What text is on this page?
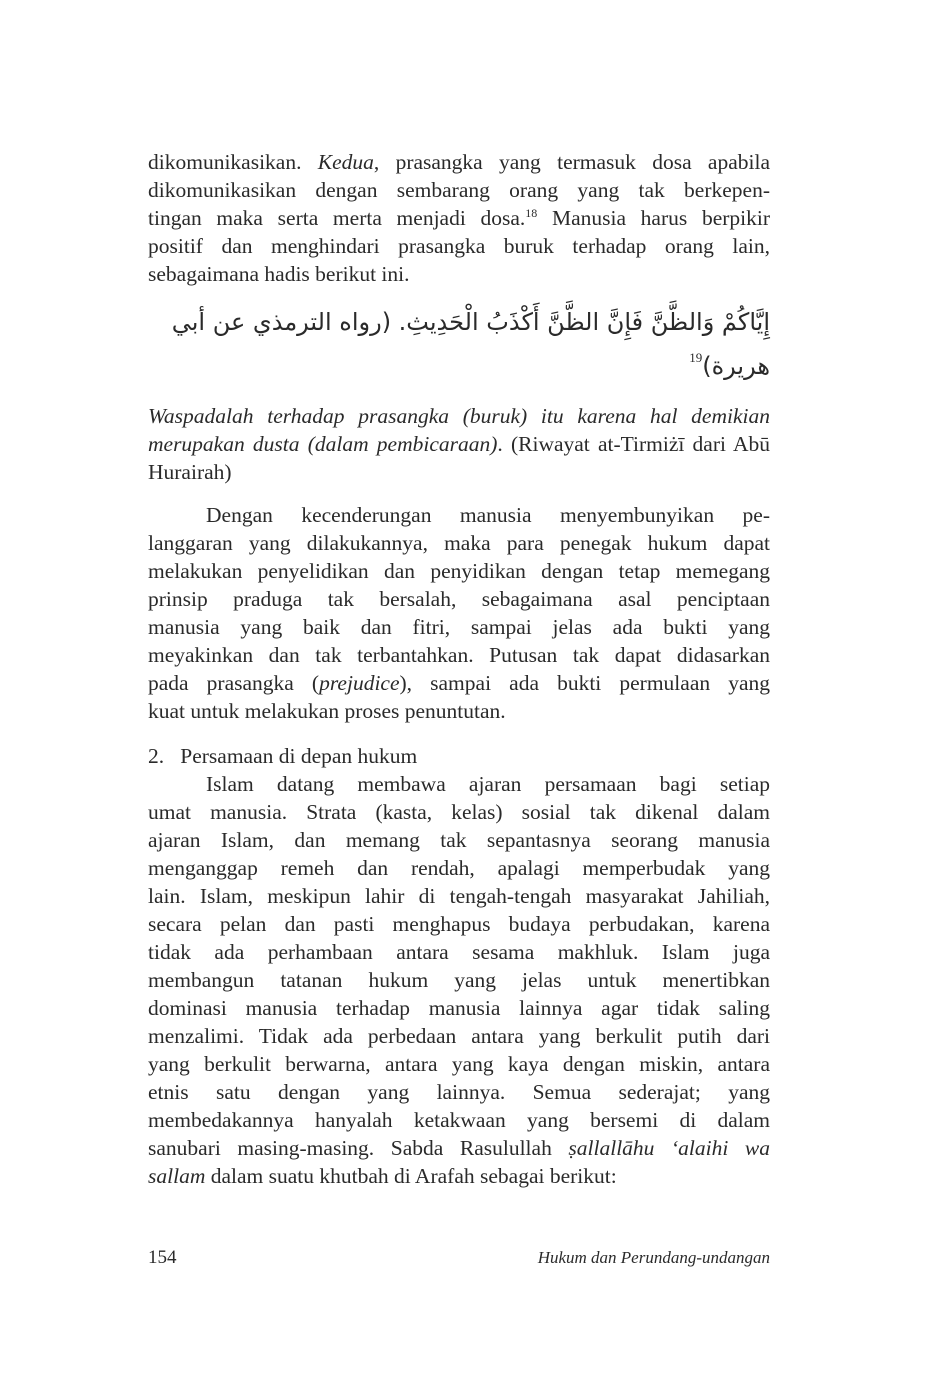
dikomunikasikan. Kedua, prasangka yang termasuk dosa apabila
dikomunikasikan dengan sembarang orang yang tak berkepen-
tingan maka serta merta menjadi dosa.$^{18}$ Manusia harus berpikir
positif dan menghindari prasangka buruk terhadap orang lain,
sebagaimana hadis berikut ini.
إِيَّاكُمْ وَالظَّنَّ فَإِنَّ الظَّنَّ أَكْذَبُ الْحَدِيثِ. (رواه الترمذي عن أبي هريرة)$^{19}$
Waspadalah terhadap prasangka (buruk) itu karena hal demikian
merupakan dusta (dalam pembicaraan). (Riwayat at-Tirmiżī dari Abū
Hurairah)
Dengan kecenderungan manusia menyembunyikan pe-
langgaran yang dilakukannya, maka para penegak hukum dapat
melakukan penyelidikan dan penyidikan dengan tetap memegang
prinsip praduga tak bersalah, sebagaimana asal penciptaan
manusia yang baik dan fitri, sampai jelas ada bukti yang
meyakinkan dan tak terbantahkan. Putusan tak dapat didasarkan
pada prasangka (prejudice), sampai ada bukti permulaan yang
kuat untuk melakukan proses penuntutan.
2.   Persamaan di depan hukum
Islam datang membawa ajaran persamaan bagi setiap
umat manusia. Strata (kasta, kelas) sosial tak dikenal dalam
ajaran Islam, dan memang tak sepantasnya seorang manusia
menganggap remeh dan rendah, apalagi memperbudak yang
lain. Islam, meskipun lahir di tengah-tengah masyarakat Jahiliah,
secara pelan dan pasti menghapus budaya perbudakan, karena
tidak ada perhambaan antara sesama makhluk. Islam juga
membangun tatanan hukum yang jelas untuk menertibkan
dominasi manusia terhadap manusia lainnya agar tidak saling
menzalimi. Tidak ada perbedaan antara yang berkulit putih dari
yang berkulit berwarna, antara yang kaya dengan miskin, antara
etnis satu dengan yang lainnya. Semua sederajat; yang
membedakannya hanyalah ketakwaan yang bersemi di dalam
sanubari masing-masing. Sabda Rasulullah ṣallallāhu ‘alaihi wa
sallam dalam suatu khutbah di Arafah sebagai berikut:
154	Hukum dan Perundang-undangan
